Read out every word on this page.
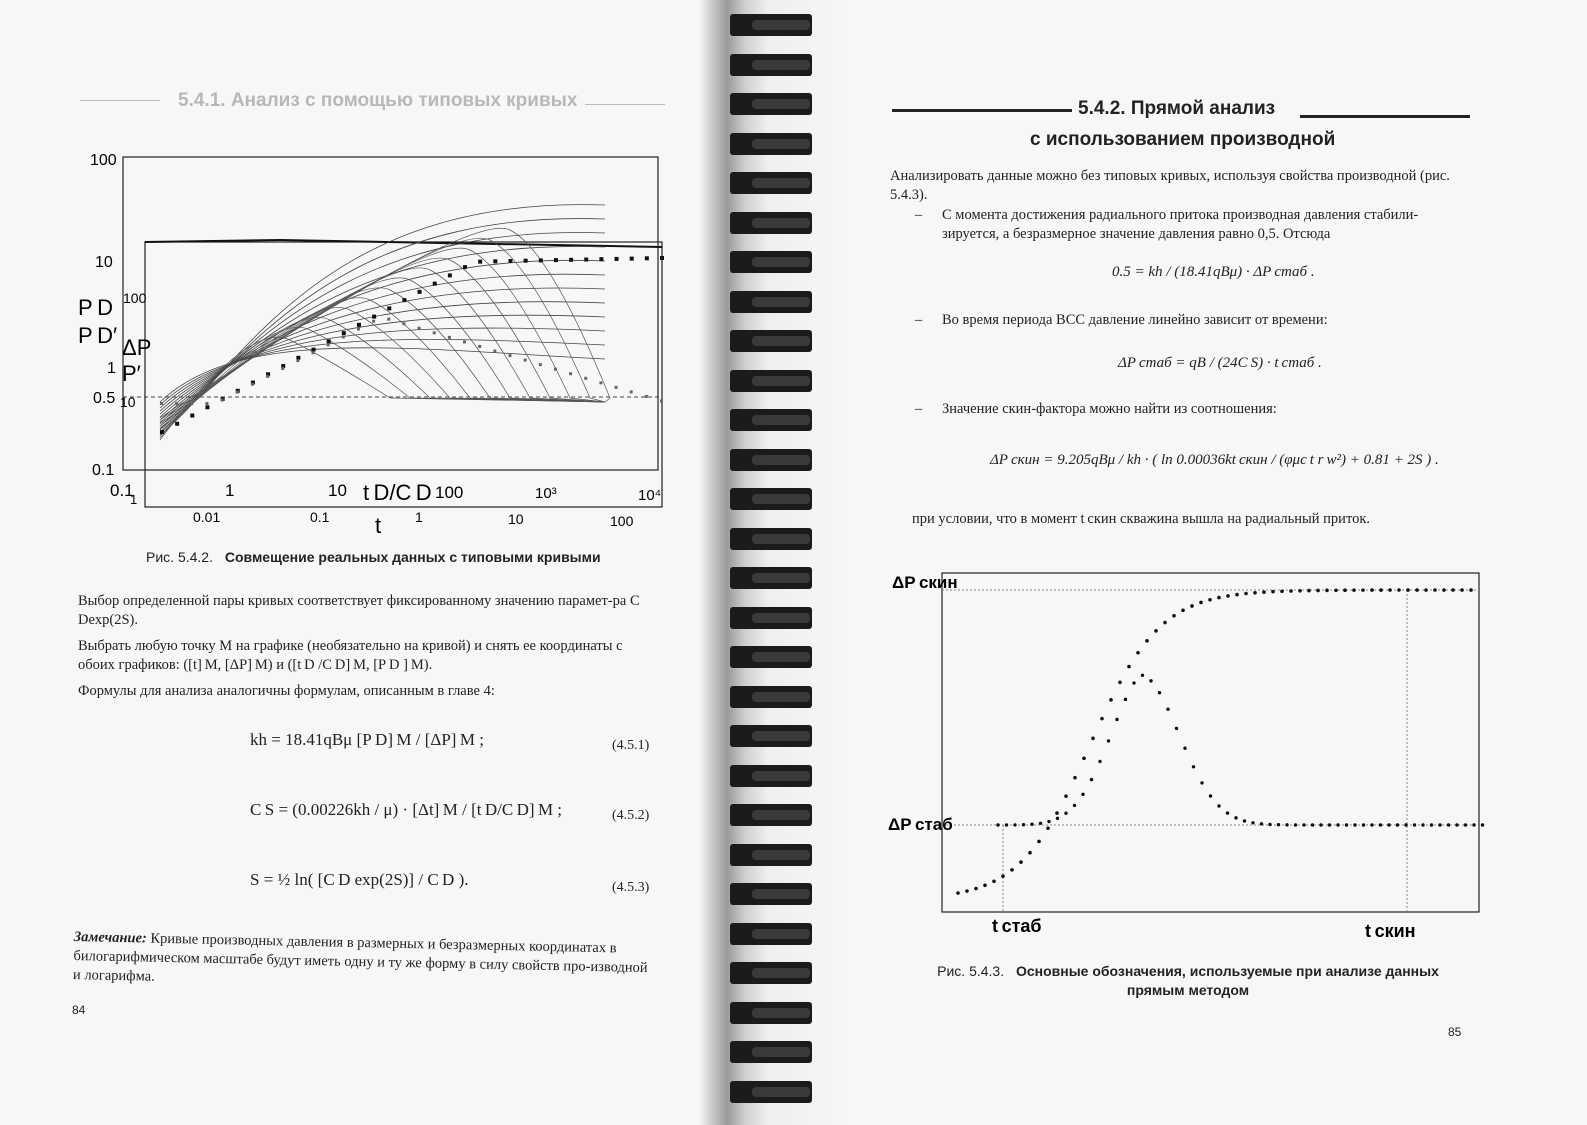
5.4.1. Анализ с помощью типовых кривых
100
10
1
0.5
0.1
100
10
P D
P D′ ΔP
P′
0.1	1	10	100	10³	10⁴
t D/C D
1
0.01	0.1	1	10	100
t
Рис. 5.4.2. Совмещение реальных данных с типовыми кривыми
Выбор определенной пары кривых соответствует фиксированному значению парамет-ра C Dexp(2S).
Выбрать любую точку M на графике (необязательно на кривой) и снять ее координаты с обоих графиков: ([t] M, [ΔP] M) и ([t D /C D] M, [P D ] M).
Формулы для анализа аналогичны формулам, описанным в главе 4:
kh = 18.41qBμ [P D] M / [ΔP] M ;	(4.5.1)
C S = (0.00226kh / μ) · [Δt] M / [t D/C D] M ;	(4.5.2)
S = ½ ln( [C D exp(2S)] / C D ).	(4.5.3)
Замечание: Кривые производных давления в размерных и безразмерных координатах в билогарифмическом масштабе будут иметь одну и ту же форму в силу свойств про-изводной и логарифма.
84
5.4.2. Прямой анализ
с использованием производной
Анализировать данные можно без типовых кривых, используя свойства производной (рис. 5.4.3).
–	С момента достижения радиального притока производная давления стабили-зируется, а безразмерное значение давления равно 0,5. Отсюда
0.5 = kh / (18.41qBμ) · ΔP стаб .
– Во время периода ВСС давление линейно зависит от времени:
ΔP стаб = qB / (24C S) · t стаб .
– Значение скин-фактора можно найти из соотношения:
ΔP скин = 9.205qBμ / kh · ( ln 0.00036kt скин / (φμc t r w²) + 0.81 + 2S ) .
при условии, что в момент t скин скважина вышла на радиальный приток.
ΔP скин
ΔP стаб
t стаб	t скин
Рис. 5.4.3. Основные обозначения, используемые при анализе данных прямым методом
85
